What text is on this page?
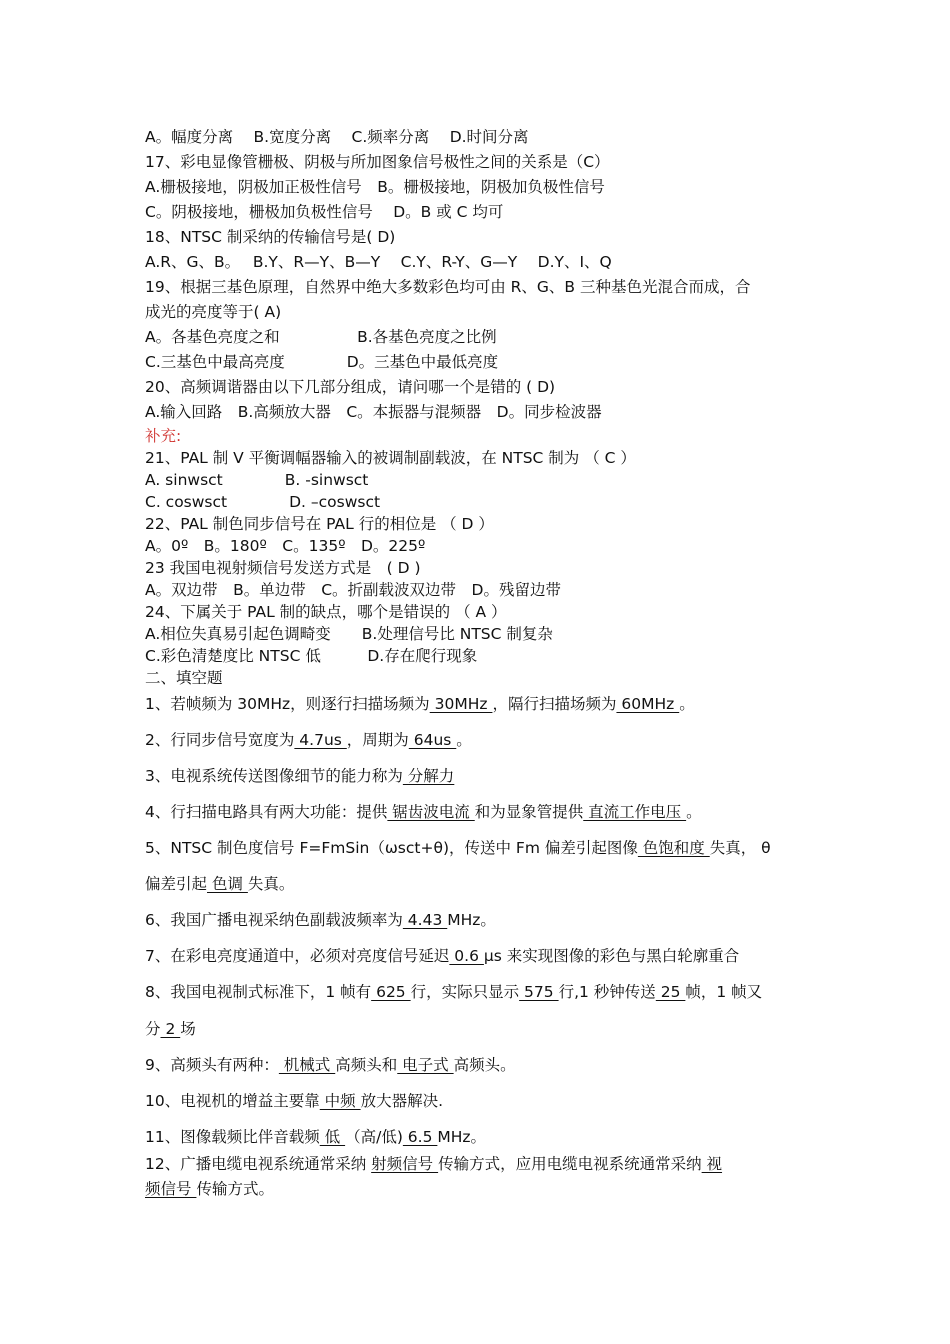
A。幅度分离　 B.宽度分离　 C.频率分离　 D.时间分离
17、彩电显像管栅极、阴极与所加图象信号极性之间的关系是（C）
A.栅极接地，阴极加正极性信号　B。栅极接地，阴极加负极性信号
C。阴极接地，栅极加负极性信号　 D。B 或 C 均可
18、NTSC 制采纳的传输信号是( D)
A.R、G、B。　 B.Y、R—Y、B—Y　 C.Y、R-Y、G—Y　 D.Y、I、Q
19、根据三基色原理，自然界中绝大多数彩色均可由 R、G、B 三种基色光混合而成，合
成光的亮度等于( A)
A。各基色亮度之和　　　　　B.各基色亮度之比例
C.三基色中最高亮度　　　　D。三基色中最低亮度
20、高频调谐器由以下几部分组成，请问哪一个是错的 ( D)
A.输入回路　B.高频放大器　C。本振器与混频器　D。同步检波器
补充:
21、PAL 制 V 平衡调幅器输入的被调制副载波，在 NTSC 制为 （ C ）
A. sinwsct　　　　B. -sinwsct
C. coswsct　　　　D. –coswsct
22、PAL 制色同步信号在 PAL 行的相位是 （ D ）
A。0º　B。180º　C。135º　D。225º
23 我国电视射频信号发送方式是　( D )
A。双边带　B。单边带　C。折副载波双边带　D。残留边带
24、下属关于 PAL 制的缺点，哪个是错误的 （ A ）
A.相位失真易引起色调畸变　　B.处理信号比 NTSC 制复杂
C.彩色清楚度比 NTSC 低　　　D.存在爬行现象
二、填空题
1、若帧频为 30MHz，则逐行扫描场频为 30MHz ，隔行扫描场频为 60MHz 。
2、行同步信号宽度为 4.7us ，周期为 64us 。
3、电视系统传送图像细节的能力称为 分解力
4、行扫描电路具有两大功能：提供 锯齿波电流 和为显象管提供 直流工作电压 。
5、NTSC 制色度信号 F=FmSin（ωsct+θ)，传送中 Fm 偏差引起图像 色饱和度 失真， θ
偏差引起 色调 失真。
6、我国广播电视采纳色副载波频率为 4.43 MHz。
7、在彩电亮度通道中，必须对亮度信号延迟 0.6 μs 来实现图像的彩色与黑白轮廓重合
8、我国电视制式标准下，1 帧有 625 行，实际只显示 575 行,1 秒钟传送 25 帧，1 帧又
分 2 场
9、高频头有两种： 机械式 高频头和 电子式 高频头。
10、电视机的增益主要靠 中频 放大器解决.
11、图像载频比伴音载频 低 （高/低) 6.5 MHz。
12、广播电缆电视系统通常采纳 射频信号 传输方式，应用电缆电视系统通常采纳 视
频信号 传输方式。
